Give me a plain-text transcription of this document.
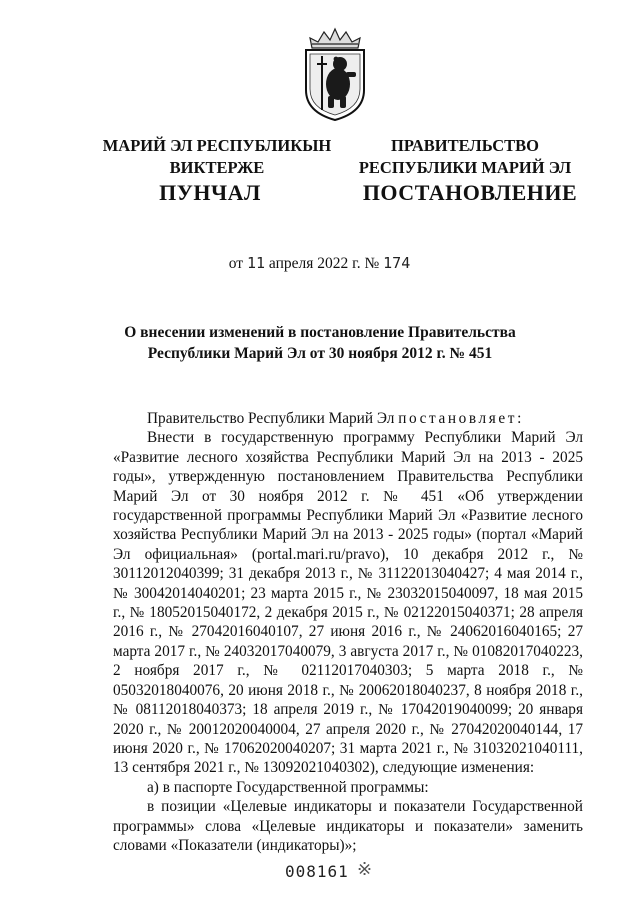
МАРИЙ ЭЛ РЕСПУБЛИКЫН
ВИКТЕРЖЕ
ПРАВИТЕЛЬСТВО
РЕСПУБЛИКИ МАРИЙ ЭЛ
ПУНЧАЛ	ПОСТАНОВЛЕНИЕ
от 11 апреля 2022 г. № 174
О внесении изменений в постановление Правительства
Республики Марий Эл от 30 ноября 2012 г. № 451

Правительство Республики Марий Эл постановляет:

Внести в государственную программу Республики Марий Эл «Развитие лесного хозяйства Республики Марий Эл на 2013 - 2025 годы», утвержденную постановлением Правительства Республики Марий Эл от 30 ноября 2012 г. № 451 «Об утверждении государственной программы Республики Марий Эл «Развитие лесного хозяйства Республики Марий Эл на 2013 - 2025 годы» (портал «Марий Эл официальная» (portal.mari.ru/pravo), 10 декабря 2012 г., № 30112012040399; 31 декабря 2013 г., № 31122013040427; 4 мая 2014 г., № 30042014040201; 23 марта 2015 г., № 23032015040097, 18 мая 2015 г., № 18052015040172, 2 декабря 2015 г., № 02122015040371; 28 апреля 2016 г., № 27042016040107, 27 июня 2016 г., № 24062016040165; 27 марта 2017 г., № 24032017040079, 3 августа 2017 г., № 01082017040223, 2 ноября 2017 г., № 02112017040303; 5 марта 2018 г., № 05032018040076, 20 июня 2018 г., № 20062018040237, 8 ноября 2018 г., № 08112018040373; 18 апреля 2019 г., № 17042019040099; 20 января 2020 г., № 20012020040004, 27 апреля 2020 г., № 27042020040144, 17 июня 2020 г., № 17062020040207; 31 марта 2021 г., № 31032021040111, 13 сентября 2021 г., № 13092021040302), следующие изменения:

а) в паспорте Государственной программы:

в позиции «Целевые индикаторы и показатели Государственной программы» слова «Целевые индикаторы и показатели» заменить словами «Показатели (индикаторы)»;

008161 ※
